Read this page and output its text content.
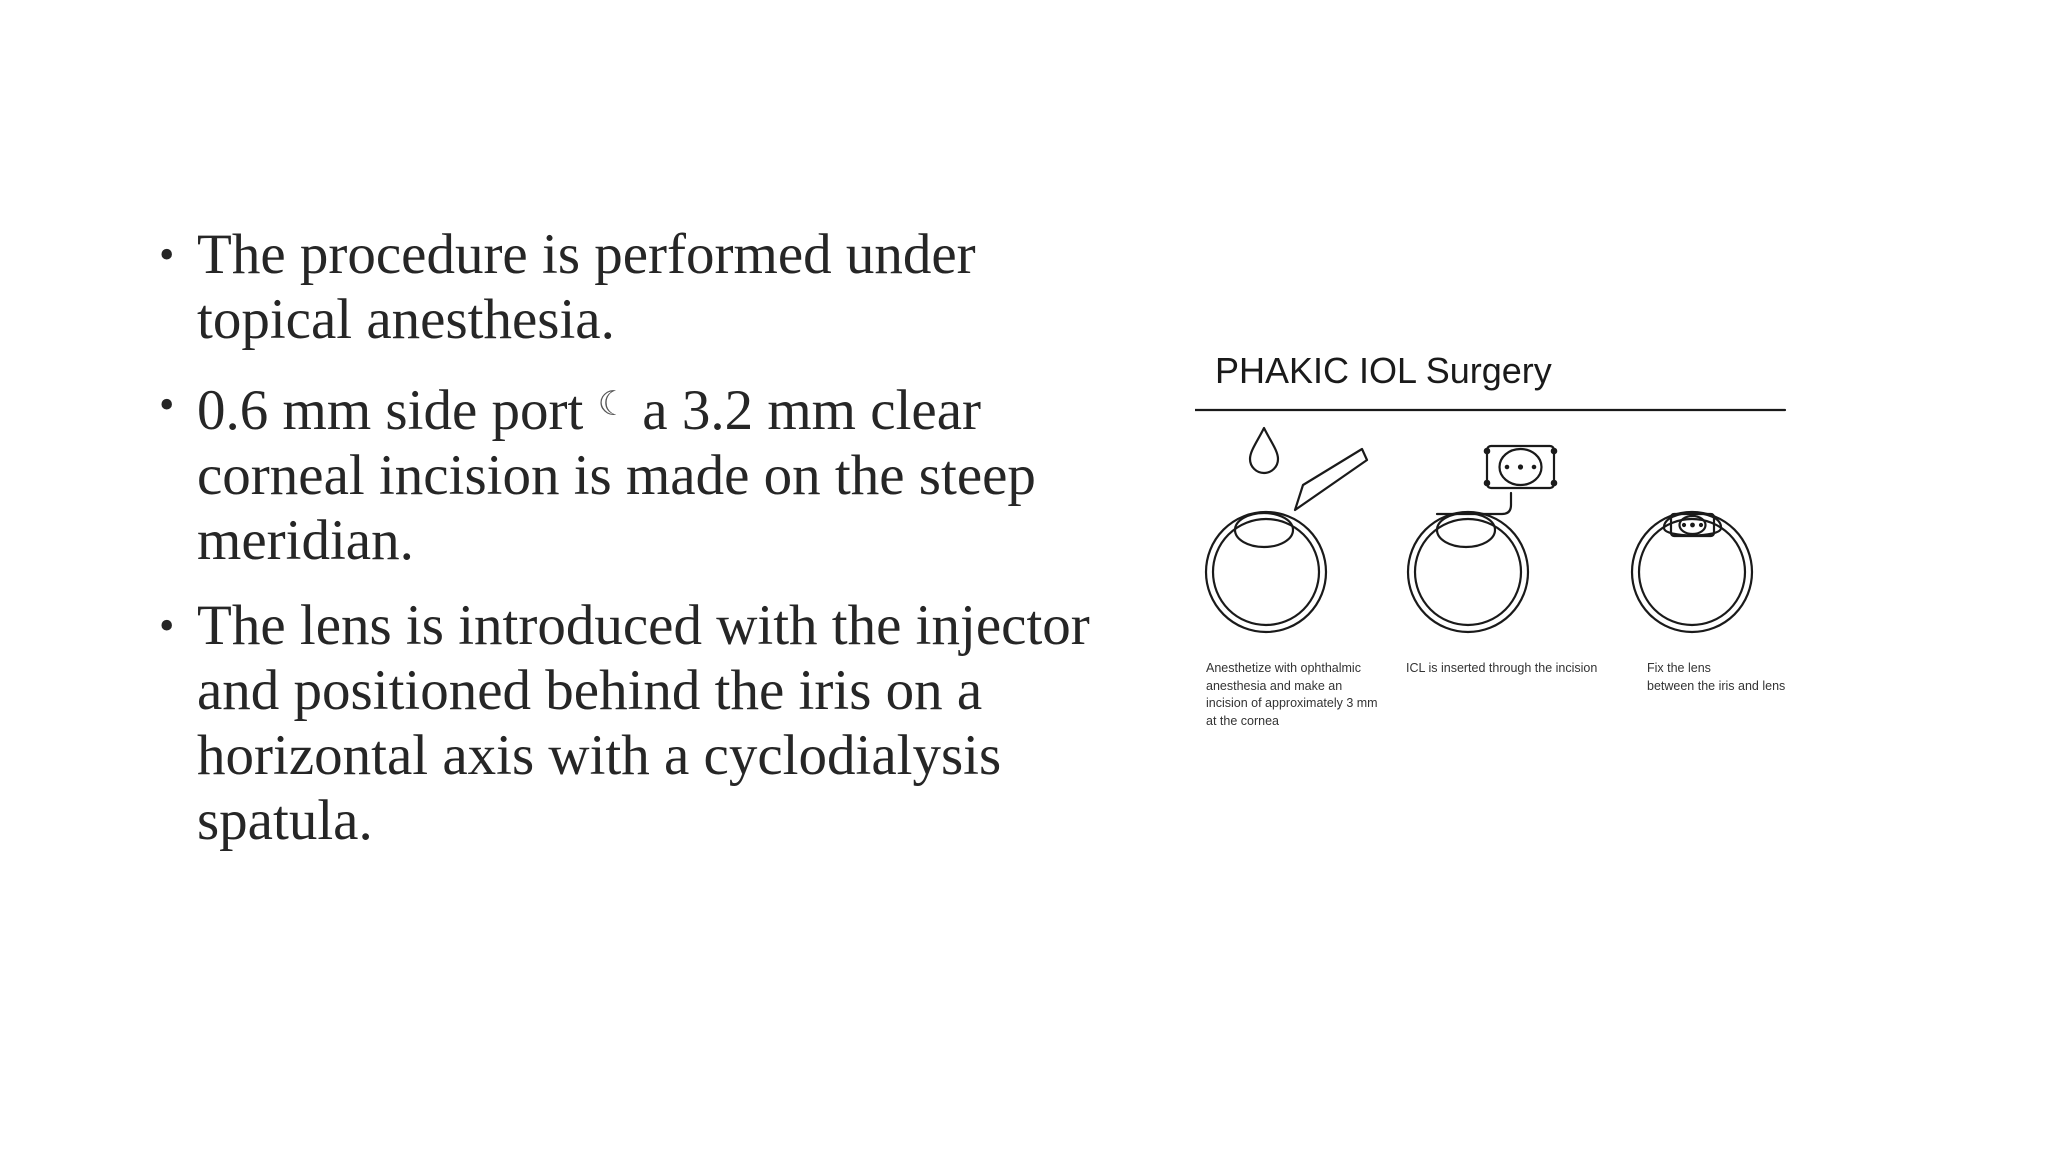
• The procedure is performed under topical anesthesia.
• 0.6 mm side port ☾ a 3.2 mm clear corneal incision is made on the steep meridian.
• The lens is introduced with the injector and positioned behind the iris on a horizontal axis with a cyclodialysis spatula.
PHAKIC IOL Surgery
Anesthetize with ophthalmic
anesthesia and make an
incision of approximately 3 mm
at the cornea
ICL is inserted through the incision	Fix the lens
between the iris and lens
